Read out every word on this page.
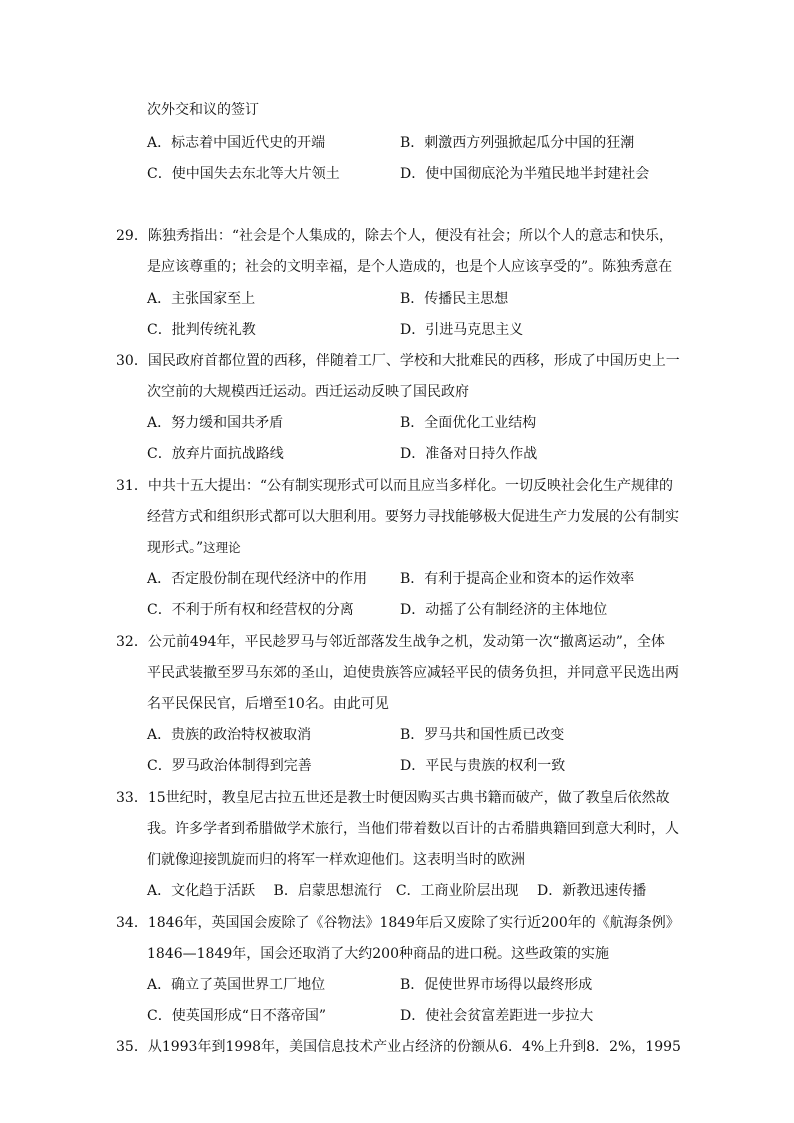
次外交和议的签订
A．标志着中国近代史的开端	B．刺激西方列强掀起瓜分中国的狂潮
C．使中国失去东北等大片领土	D．使中国彻底沦为半殖民地半封建社会
29．陈独秀指出：“社会是个人集成的，除去个人，便没有社会；所以个人的意志和快乐，
是应该尊重的；社会的文明幸福，是个人造成的，也是个人应该享受的”。陈独秀意在
A．主张国家至上	B．传播民主思想
C．批判传统礼教	D．引进马克思主义
30．国民政府首都位置的西移，伴随着工厂、学校和大批难民的西移，形成了中国历史上一
次空前的大规模西迁运动。西迁运动反映了国民政府
A．努力缓和国共矛盾	B．全面优化工业结构
C．放弃片面抗战路线	D．准备对日持久作战
31．中共十五大提出：“公有制实现形式可以而且应当多样化。一切反映社会化生产规律的
经营方式和组织形式都可以大胆利用。要努力寻找能够极大促进生产力发展的公有制实
现形式。”这理论
A．否定股份制在现代经济中的作用 B．有利于提高企业和资本的运作效率
C．不利于所有权和经营权的分离	D．动摇了公有制经济的主体地位
32．公元前494年，平民趁罗马与邻近部落发生战争之机，发动第一次“撤离运动”，全体
平民武装撤至罗马东郊的圣山，迫使贵族答应减轻平民的债务负担，并同意平民选出两
名平民保民官，后增至10名。由此可见
A．贵族的政治特权被取消	B．罗马共和国性质已改变
C．罗马政治体制得到完善	D．平民与贵族的权利一致
33．15世纪时，教皇尼古拉五世还是教士时便因购买古典书籍而破产，做了教皇后依然故
我。许多学者到希腊做学术旅行，当他们带着数以百计的古希腊典籍回到意大利时，人
们就像迎接凯旋而归的将军一样欢迎他们。这表明当时的欧洲
A．文化趋于活跃　 B．启蒙思想流行　C．工商业阶层出现　 D．新教迅速传播
34．1846年，英国国会废除了《谷物法》1849年后又废除了实行近200年的《航海条例》
1846—1849年，国会还取消了大约200种商品的进口税。这些政策的实施
A．确立了英国世界工厂地位	B．促使世界市场得以最终形成
C．使英国形成“日不落帝国”	D．使社会贫富差距进一步拉大
35．从1993年到1998年，美国信息技术产业占经济的份额从6．4%上升到8．2%，1995
